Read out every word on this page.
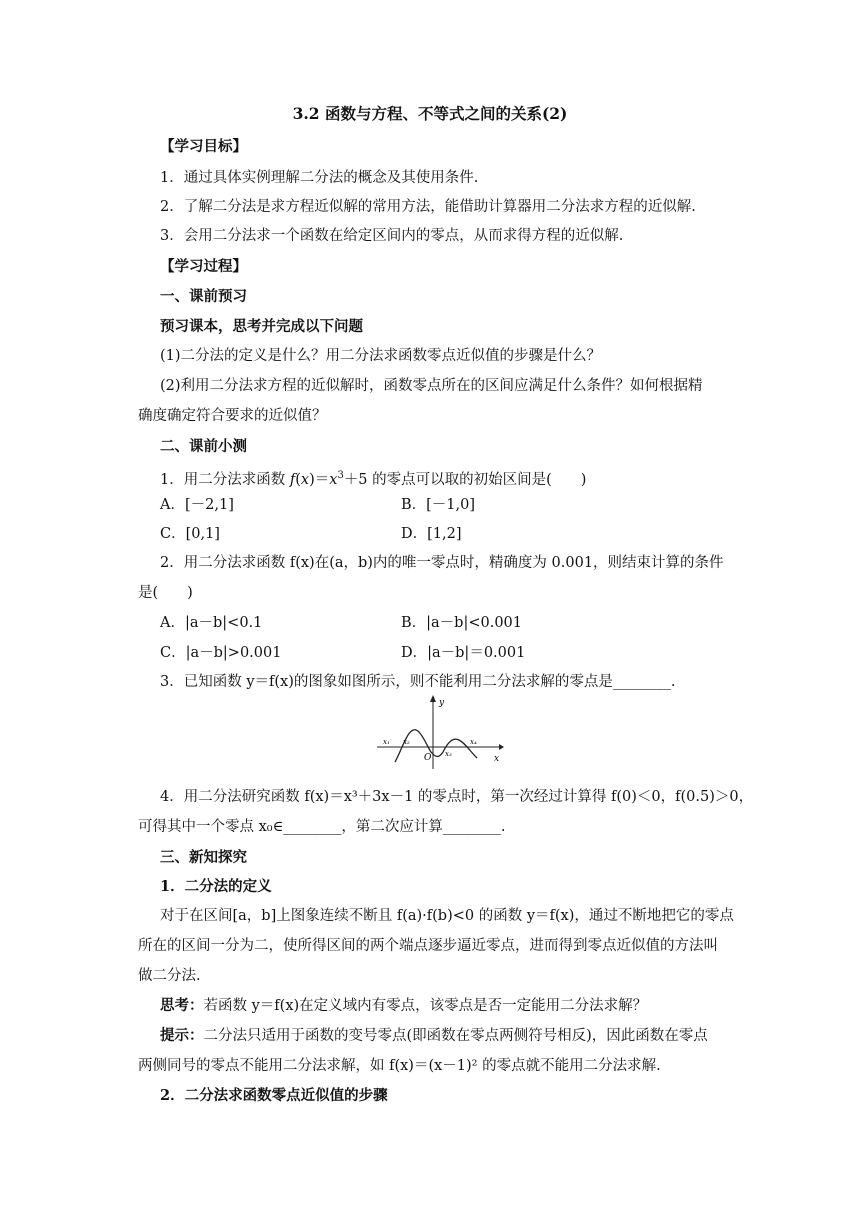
3.2 函数与方程、不等式之间的关系(2)
【学习目标】
1．通过具体实例理解二分法的概念及其使用条件.
2．了解二分法是求方程近似解的常用方法，能借助计算器用二分法求方程的近似解.
3．会用二分法求一个函数在给定区间内的零点，从而求得方程的近似解.
【学习过程】
一、课前预习
预习课本，思考并完成以下问题
(1)二分法的定义是什么？用二分法求函数零点近似值的步骤是什么？
(2)利用二分法求方程的近似解时，函数零点所在的区间应满足什么条件？如何根据精
确度确定符合要求的近似值？
二、课前小测
1．用二分法求函数 $f(x)=x^3+5$ 的零点可以取的初始区间是(　　)
A．[－2,1]	B．[－1,0]
C．[0,1]	D．[1,2]
2．用二分法求函数 f(x)在(a，b)内的唯一零点时，精确度为 0.001，则结束计算的条件
是(　　)
A．|a－b|<0.1	B．|a－b|<0.001
C．|a－b|>0.001	D．|a－b|＝0.001
3．已知函数 y＝f(x)的图象如图所示，则不能利用二分法求解的零点是________.
y
x
O
x₁ x₂
x₃
x₄
4．用二分法研究函数 f(x)＝x³＋3x－1 的零点时，第一次经过计算得 f(0)＜0，f(0.5)＞0，
可得其中一个零点 x₀∈________，第二次应计算________.
三、新知探究
1．二分法的定义
对于在区间[a，b]上图象连续不断且 f(a)·f(b)<0 的函数 y＝f(x)，通过不断地把它的零点
所在的区间一分为二，使所得区间的两个端点逐步逼近零点，进而得到零点近似值的方法叫
做二分法.
思考：若函数 y＝f(x)在定义域内有零点，该零点是否一定能用二分法求解？
提示：二分法只适用于函数的变号零点(即函数在零点两侧符号相反)，因此函数在零点
两侧同号的零点不能用二分法求解，如 f(x)＝(x－1)² 的零点就不能用二分法求解.
2．二分法求函数零点近似值的步骤
